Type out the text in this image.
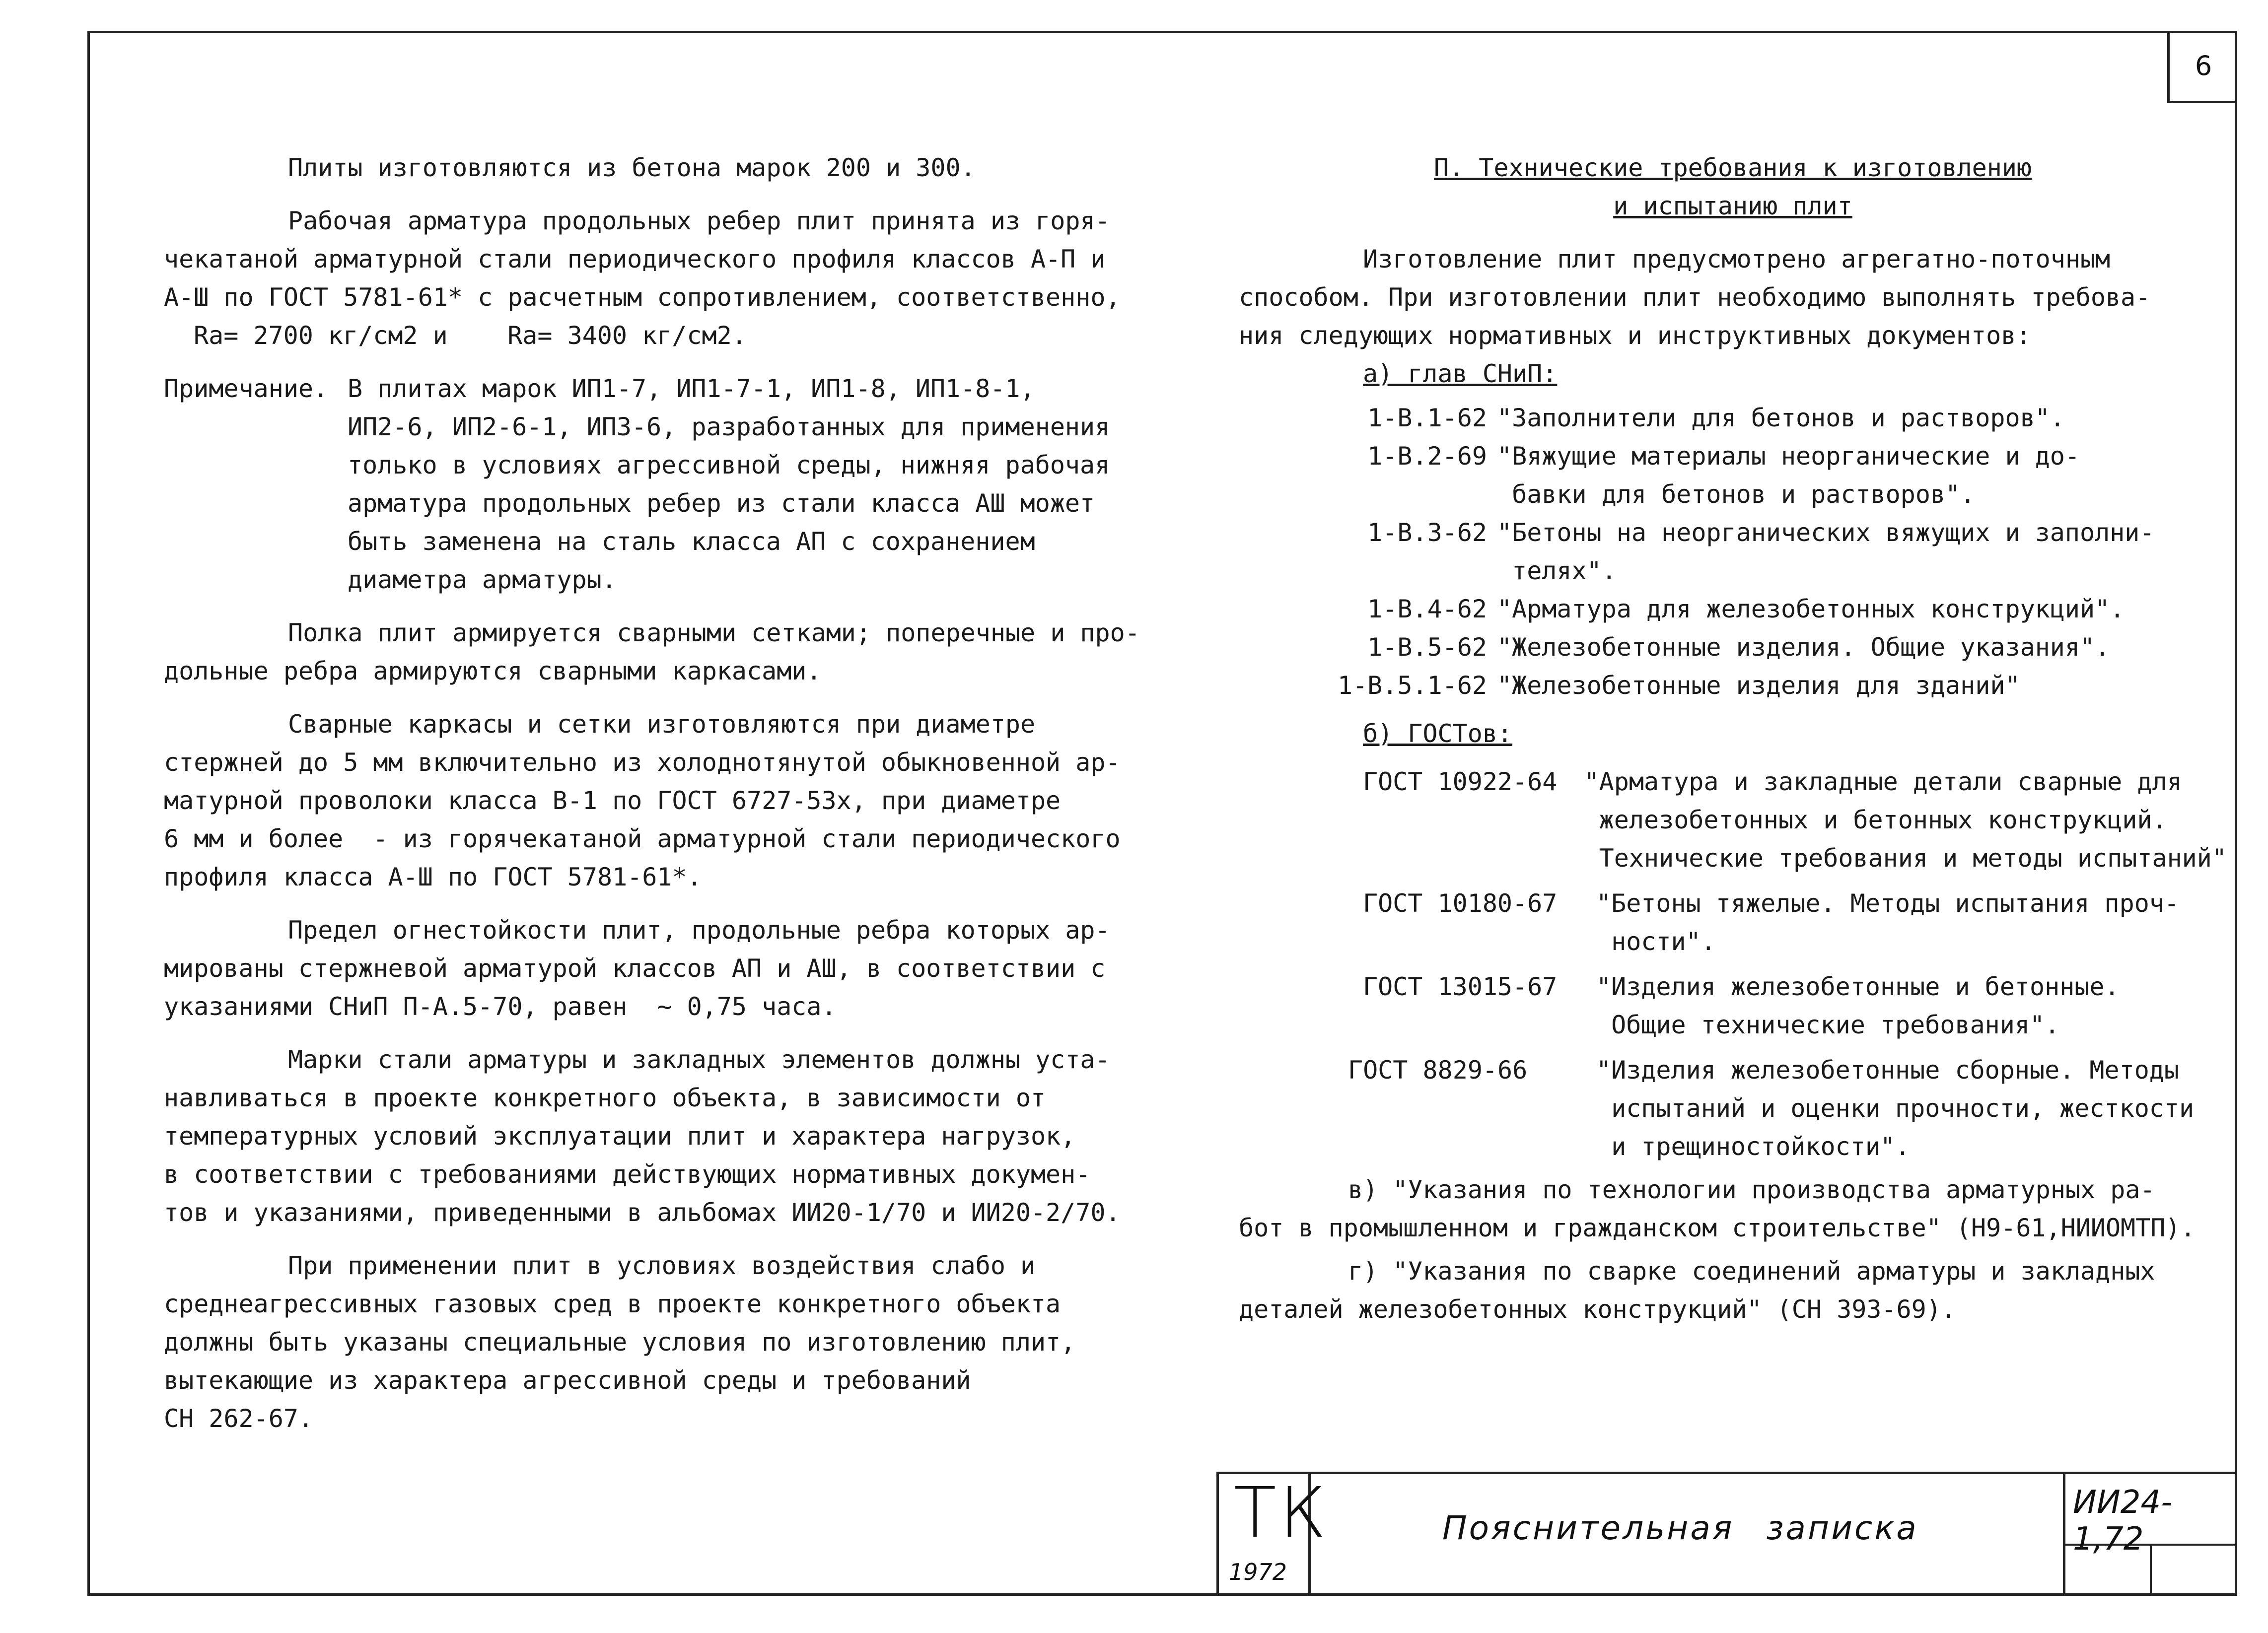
6
Плиты изготовляются из бетона марок 200 и 300.
Рабочая арматура продольных ребер плит принята из горя-
чекатаной арматурной стали периодического профиля классов А-П и
А-Ш по ГОСТ 5781-61* с расчетным сопротивлением, соответственно,
Rа= 2700 кг/см2 и    Rа= 3400 кг/см2.
Примечание. В плитах марок ИП1-7, ИП1-7-1, ИП1-8, ИП1-8-1,
ИП2-6, ИП2-6-1, ИП3-6, разработанных для применения
только в условиях агрессивной среды, нижняя рабочая
арматура продольных ребер из стали класса АШ может
быть заменена на сталь класса АП с сохранением
диаметра арматуры.
Полка плит армируется сварными сетками; поперечные и про-
дольные ребра армируются сварными каркасами.
Сварные каркасы и сетки изготовляются при диаметре
стержней до 5 мм включительно из холоднотянутой обыкновенной ар-
матурной проволоки класса В-1 по ГОСТ 6727-53x, при диаметре
6 мм и более  - из горячекатаной арматурной стали периодического
профиля класса А-Ш по ГОСТ 5781-61*.
Предел огнестойкости плит, продольные ребра которых ар-
мированы стержневой арматурой классов АП и АШ, в соответствии с
указаниями СНиП П-А.5-70, равен  ~ 0,75 часа.
Марки стали арматуры и закладных элементов должны уста-
навливаться в проекте конкретного объекта, в зависимости от
температурных условий эксплуатации плит и характера нагрузок,
в соответствии с требованиями действующих нормативных докумен-
тов и указаниями, приведенными в альбомах ИИ20-1/70 и ИИ20-2/70.
При применении плит в условиях воздействия слабо и
среднеагрессивных газовых сред в проекте конкретного объекта
должны быть указаны специальные условия по изготовлению плит,
вытекающие из характера агрессивной среды и требований
СН 262-67.
П. Технические требования к изготовлению
и испытанию плит
Изготовление плит предусмотрено агрегатно-поточным
способом. При изготовлении плит необходимо выполнять требова-
ния следующих нормативных и инструктивных документов:
а) глав СНиП:
1-В.1-62 "Заполнители для бетонов и растворов".
1-В.2-69 "Вяжущие материалы неорганические и до-
бавки для бетонов и растворов".
1-В.3-62 "Бетоны на неорганических вяжущих и заполни-
телях".
1-В.4-62 "Арматура для железобетонных конструкций".
1-В.5-62 "Железобетонные изделия. Общие указания".
1-В.5.1-62 "Железобетонные изделия для зданий"
б) ГОСТов:
ГОСТ 10922-64	"Арматура и закладные детали сварные для
железобетонных и бетонных конструкций.
Технические требования и методы испытаний"
ГОСТ 10180-67	"Бетоны тяжелые. Методы испытания проч-
ности".
ГОСТ 13015-67	"Изделия железобетонные и бетонные.
Общие технические требования".
ГОСТ 8829-66	"Изделия железобетонные сборные. Методы
испытаний и оценки прочности, жесткости
и трещиностойкости".
в) "Указания по технологии производства арматурных ра-
бот в промышленном и гражданском строительстве" (Н9-61,НИИОМТП).
г) "Указания по сварке соединений арматуры и закладных
деталей железобетонных конструкций" (СН 393-69).
ТК
1972
Пояснительная записка
ИИ24-1,72
